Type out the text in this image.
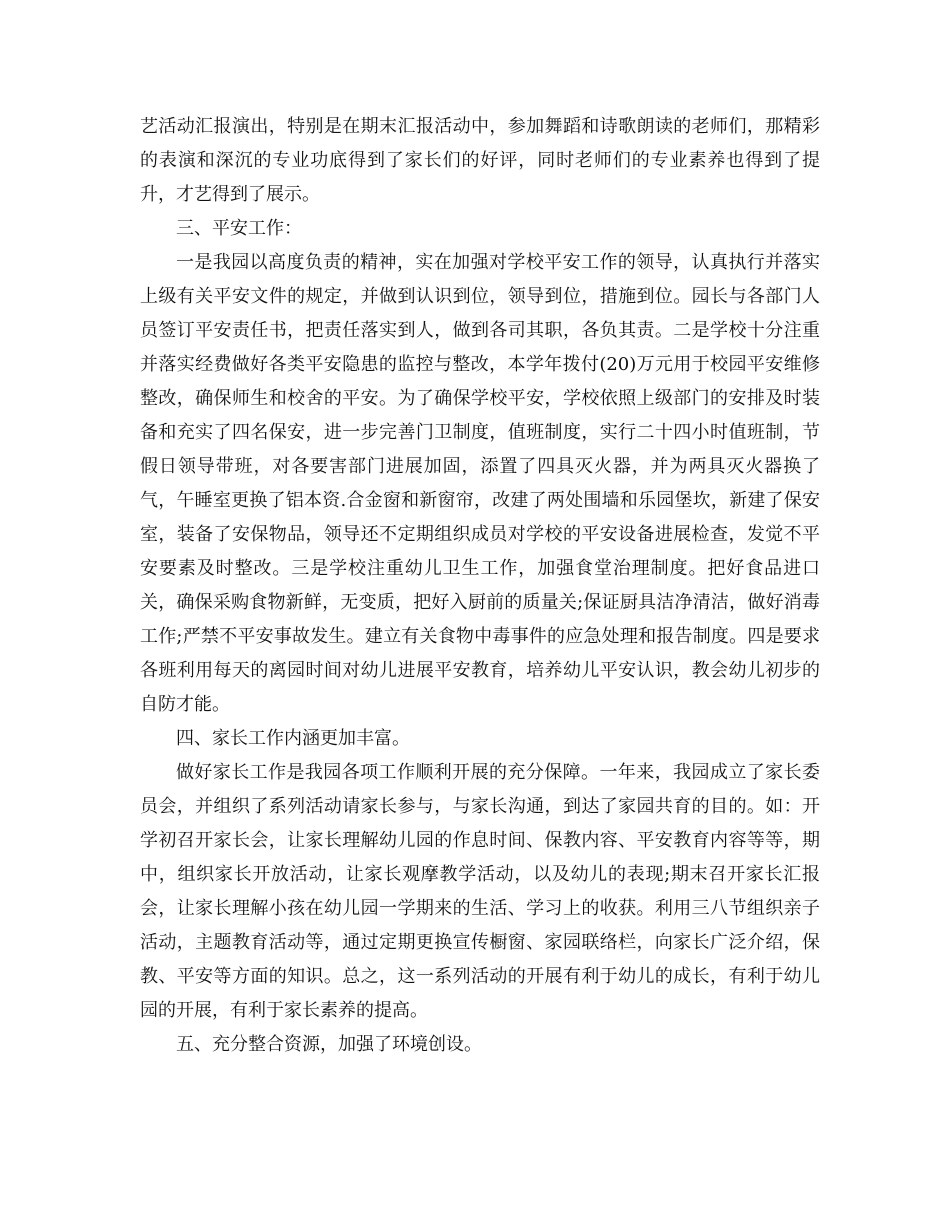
艺活动汇报演出，特别是在期末汇报活动中，参加舞蹈和诗歌朗读的老师们，那精彩的表演和深沉的专业功底得到了家长们的好评，同时老师们的专业素养也得到了提升，才艺得到了展示。

三、平安工作：

一是我园以高度负责的精神，实在加强对学校平安工作的领导，认真执行并落实上级有关平安文件的规定，并做到认识到位，领导到位，措施到位。园长与各部门人员签订平安责任书，把责任落实到人，做到各司其职，各负其责。二是学校十分注重并落实经费做好各类平安隐患的监控与整改，本学年拨付(20)万元用于校园平安维修整改，确保师生和校舍的平安。为了确保学校平安，学校依照上级部门的安排及时装备和充实了四名保安，进一步完善门卫制度，值班制度，实行二十四小时值班制，节假日领导带班，对各要害部门进展加固，添置了四具灭火器，并为两具灭火器换了气，午睡室更换了铝本资.合金窗和新窗帘，改建了两处围墙和乐园堡坎，新建了保安室，装备了安保物品，领导还不定期组织成员对学校的平安设备进展检查，发觉不平安要素及时整改。三是学校注重幼儿卫生工作，加强食堂治理制度。把好食品进口关，确保采购食物新鲜，无变质，把好入厨前的质量关;保证厨具洁净清洁，做好消毒工作;严禁不平安事故发生。建立有关食物中毒事件的应急处理和报告制度。四是要求各班利用每天的离园时间对幼儿进展平安教育，培养幼儿平安认识，教会幼儿初步的自防才能。

四、家长工作内涵更加丰富。

做好家长工作是我园各项工作顺利开展的充分保障。一年来，我园成立了家长委员会，并组织了系列活动请家长参与，与家长沟通，到达了家园共育的目的。如：开学初召开家长会，让家长理解幼儿园的作息时间、保教内容、平安教育内容等等，期中，组织家长开放活动，让家长观摩教学活动，以及幼儿的表现;期末召开家长汇报会，让家长理解小孩在幼儿园一学期来的生活、学习上的收获。利用三八节组织亲子活动，主题教育活动等，通过定期更换宣传橱窗、家园联络栏，向家长广泛介绍，保教、平安等方面的知识。总之，这一系列活动的开展有利于幼儿的成长，有利于幼儿园的开展，有利于家长素养的提高。

五、充分整合资源，加强了环境创设。
